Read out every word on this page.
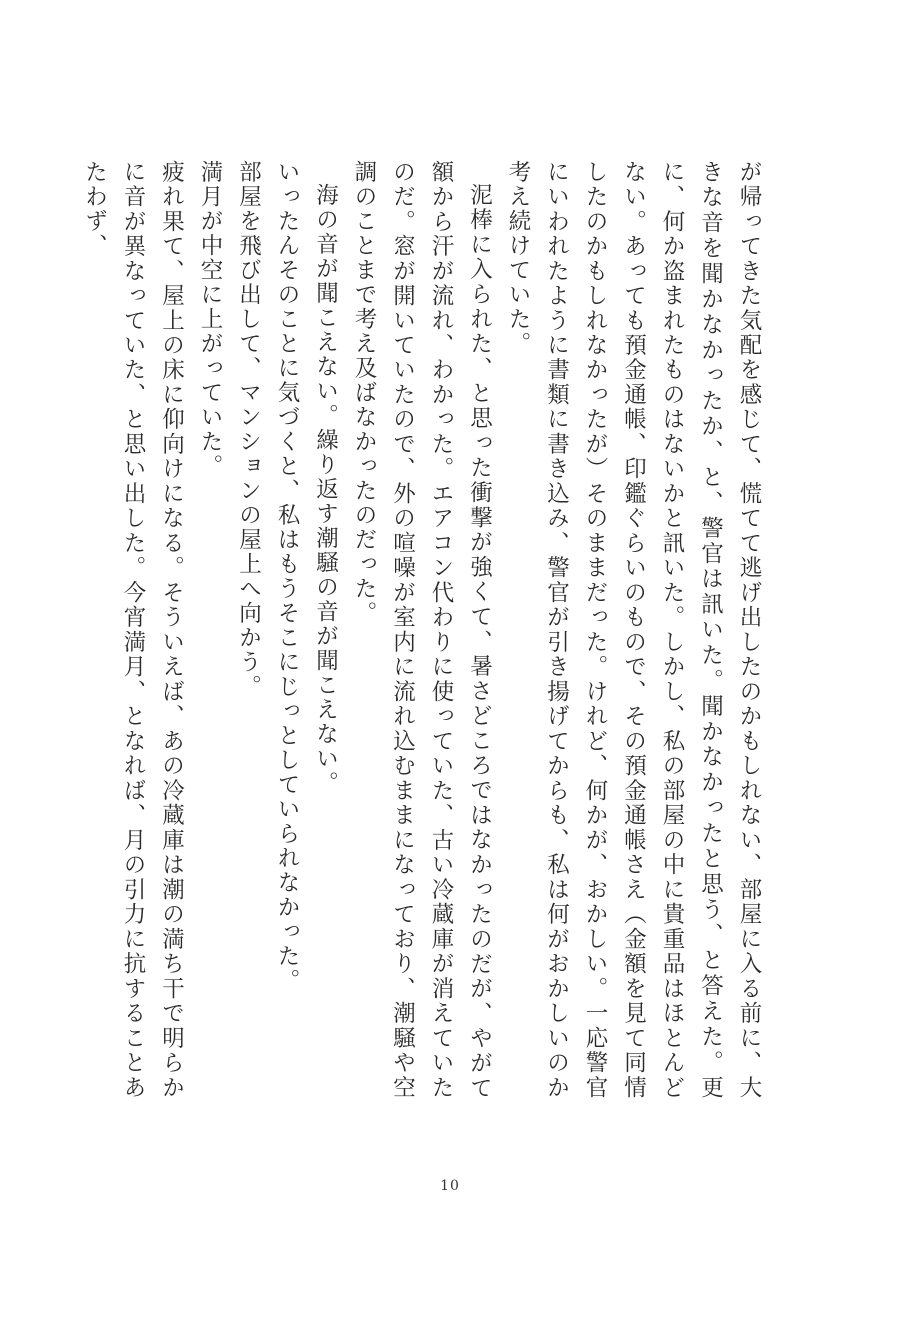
が帰ってきた気配を感じて、慌てて逃げ出したのかもしれない、部屋に入る前に、大きな音を聞かなかったか、と、警官は訊いた。聞かなかったと思う、と答えた。更に、何か盗まれたものはないかと訊いた。しかし、私の部屋の中に貴重品はほとんどない。あっても預金通帳、印鑑ぐらいのもので、その預金通帳さえ（金額を見て同情したのかもしれなかったが）そのままだった。けれど、何かが、おかしい。一応警官にいわれたように書類に書き込み、警官が引き揚げてからも、私は何がおかしいのか考え続けていた。

泥棒に入られた、と思った衝撃が強くて、暑さどころではなかったのだが、やがて額から汗が流れ、わかった。エアコン代わりに使っていた、古い冷蔵庫が消えていたのだ。窓が開いていたので、外の喧噪が室内に流れ込むままになっており、潮騒や空調のことまで考え及ばなかったのだった。

海の音が聞こえない。繰り返す潮騒の音が聞こえない。

いったんそのことに気づくと、私はもうそこにじっとしていられなかった。

部屋を飛び出して、マンションの屋上へ向かう。

満月が中空に上がっていた。

疲れ果て、屋上の床に仰向けになる。そういえば、あの冷蔵庫は潮の満ち干で明らかに音が異なっていた、と思い出した。今宵満月、となれば、月の引力に抗することあたわず、

10
